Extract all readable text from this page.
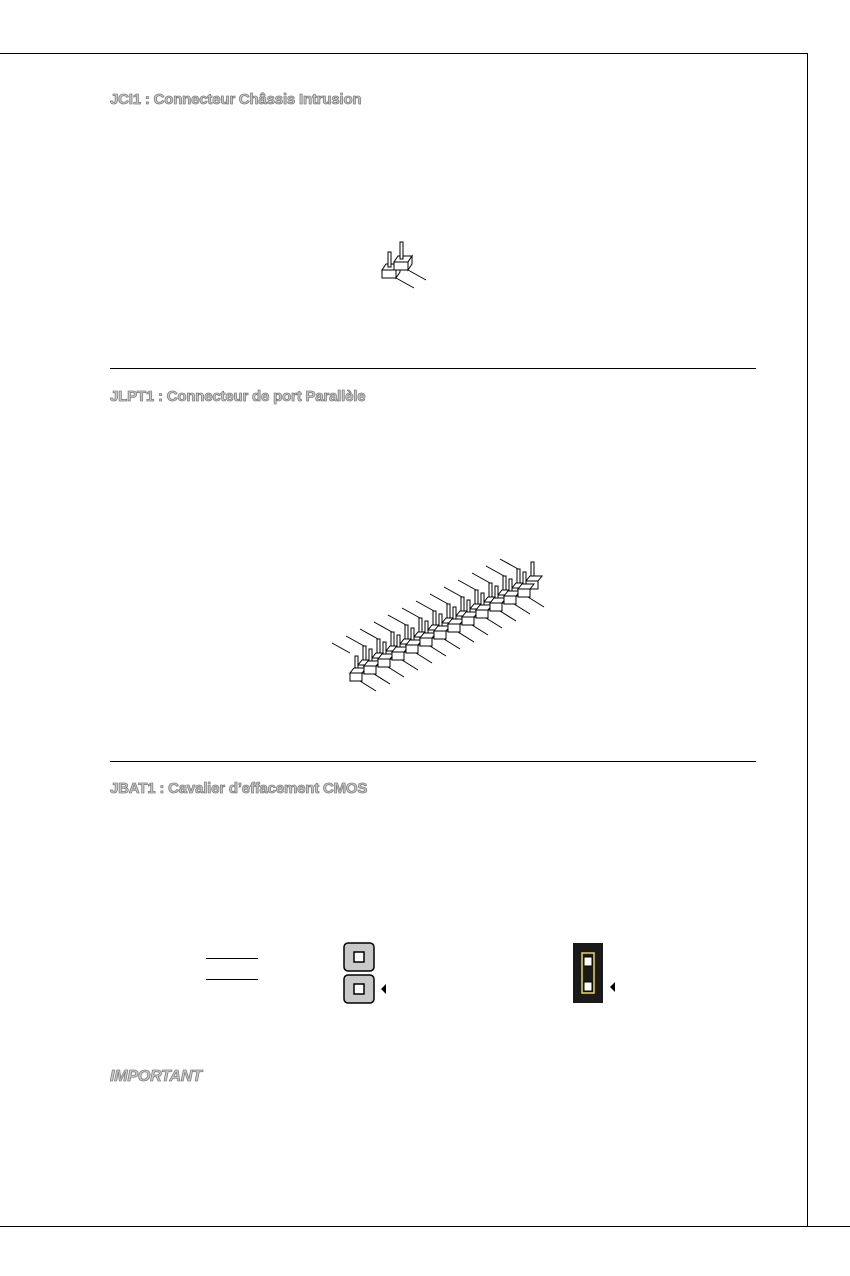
JCI1 : Connecteur Châssis Intrusion
JLPT1 : Connecteur de port Parallèle
JBAT1 : Cavalier d’effacement CMOS
IMPORTANT
